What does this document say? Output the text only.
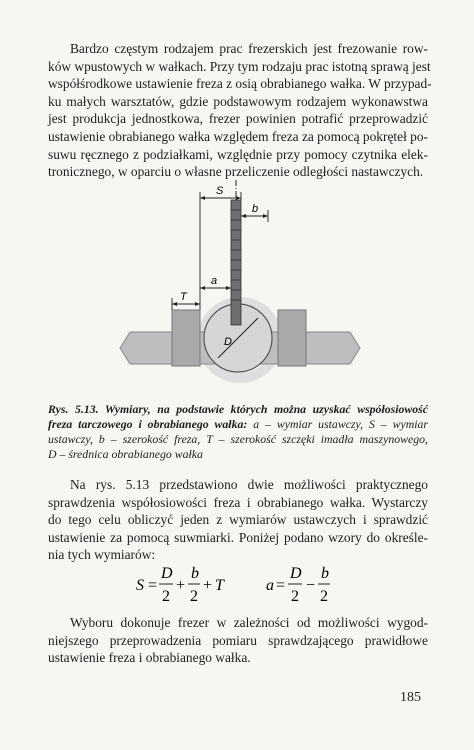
Bardzo częstym rodzajem prac frezerskich jest frezowanie row-
ków wpustowych w wałkach. Przy tym rodzaju prac istotną sprawą jest
współśrodkowe ustawienie freza z osią obrabianego wałka. W przypad-
ku małych warsztatów, gdzie podstawowym rodzajem wykonawstwa
jest produkcja jednostkowa, frezer powinien potrafić przeprowadzić
ustawienie obrabianego wałka względem freza za pomocą pokręteł po-
suwu ręcznego z podziałkami, względnie przy pomocy czytnika elek-
tronicznego, w oparciu o własne przeliczenie odległości nastawczych.

D
S
b
a
T
Rys. 5.13. Wymiary, na podstawie których można uzyskać współosiowość
freza tarczowego i obrabianego wałka: a – wymiar ustawczy, S – wymiar
ustawczy, b – szerokość freza, T – szerokość szczęki imadła maszynowego,
D – średnica obrabianego wałka

Na rys. 5.13 przedstawiono dwie możliwości praktycznego
sprawdzenia współosiowości freza i obrabianego wałka. Wystarczy
do tego celu obliczyć jeden z wymiarów ustawczych i sprawdzić
ustawienie za pomocą suwmiarki. Poniżej podano wzory do określe-
nia tych wymiarów:

S =
D
2
+
b
2
+ T	a =
D
2
−
b
2

Wyboru dokonuje frezer w zależności od możliwości wygod-
niejszego przeprowadzenia pomiaru sprawdzającego prawidłowe
ustawienie freza i obrabianego wałka.

185
